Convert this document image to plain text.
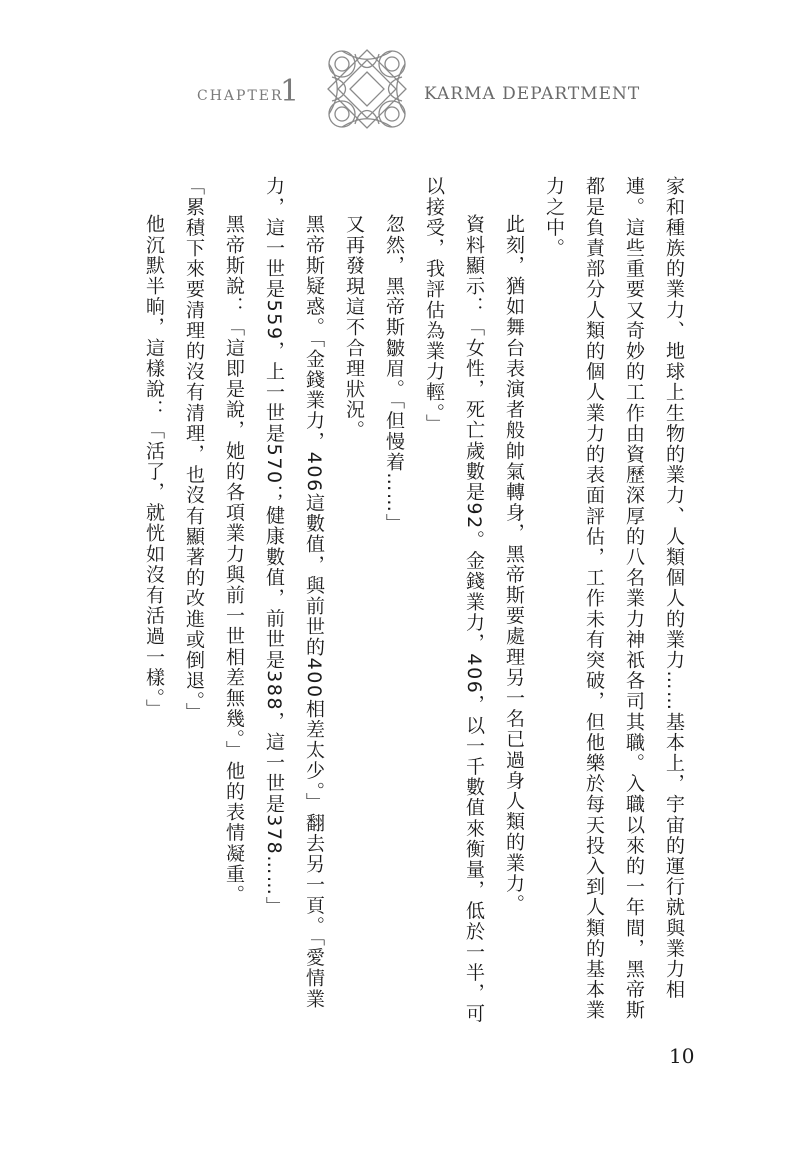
CHAPTER
1	KARMA DEPARTMENT

家和種族的業力、地球上生物的業力、人類個人的業力……基本上，宇宙的運行就與業力相連。這些重要又奇妙的工作由資歷深厚的八名業力神祇各司其職。入職以來的一年間，黑帝斯都是負責部分人類的個人業力的表面評估，工作未有突破，但他樂於每天投入到人類的基本業力之中。

此刻，猶如舞台表演者般帥氣轉身，黑帝斯要處理另一名已過身人類的業力。

資料顯示：「女性，死亡歲數是92。金錢業力，406，以一千數值來衡量，低於一半，可以接受，我評估為業力輕。」

忽然，黑帝斯皺眉。「但慢着……」

又再發現這不合理狀況。

黑帝斯疑惑。「金錢業力，406這數值，與前世的400相差太少。」翻去另一頁。「愛情業力，這一世是559，上一世是570；健康數值，前世是388，這一世是378……」

黑帝斯說：「這即是說，她的各項業力與前一世相差無幾。」他的表情凝重。

「累積下來要清理的沒有清理，也沒有顯著的改進或倒退。」

他沉默半晌，這樣說：「活了，就恍如沒有活過一樣。」

10
